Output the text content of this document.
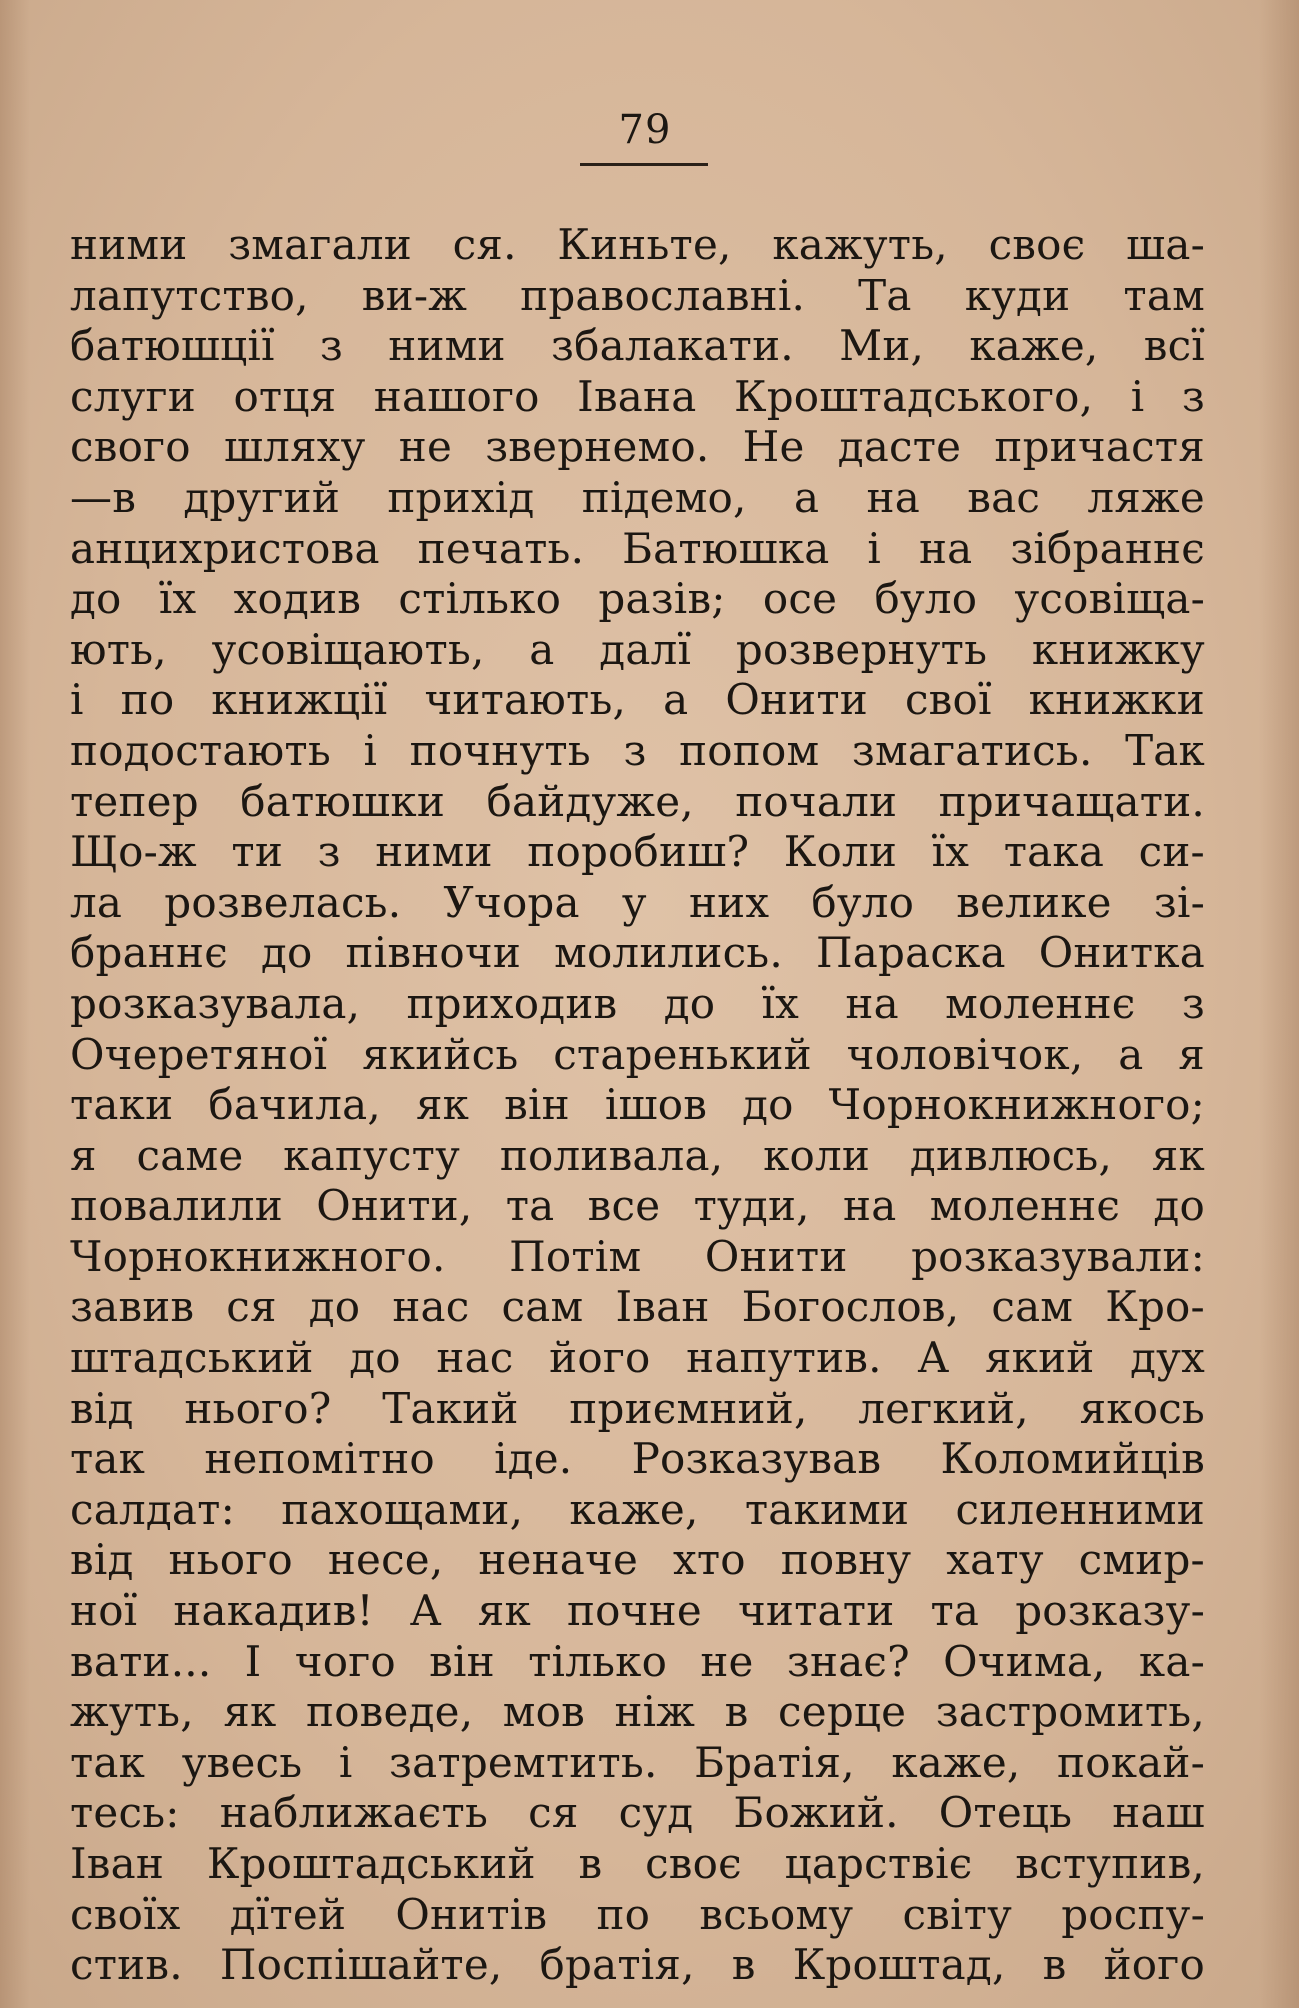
79
ними змагали ся. Киньте, кажуть, своє ша-
лапутство, ви-ж православні. Та куди там
батюшції з ними збалакати. Ми, каже, всї
слуги отця нашого Івана Кроштадського, і з
свого шляху не звернемо. Не дасте причастя
—в другий прихід підемо, а на вас ляже
анцихристова печать. Батюшка і на зібраннє
до їх ходив стілько разів; осе було усовіща-
ють, усовіщають, а далї розвернуть книжку
і по книжції читають, а Онити свої книжки
подостають і почнуть з попом змагатись. Так
тепер батюшки байдуже, почали причащати.
Що-ж ти з ними поробиш? Коли їх така си-
ла розвелась. Учора у них було велике зі-
браннє до півночи молились. Параска Онитка
розказувала, приходив до їх на моленнє з
Очеретяної якийсь старенький чоловічок, а я
таки бачила, як він ішов до Чорнокнижного;
я саме капусту поливала, коли дивлюсь, як
повалили Онити, та все туди, на моленнє до
Чорнокнижного. Потім Онити розказували:
завив ся до нас сам Іван Богослов, сам Кро-
штадський до нас його напутив. А який дух
від нього? Такий приємний, легкий, якось
так непомітно іде. Розказував Коломийців
салдат: пахощами, каже, такими силенними
від нього несе, неначе хто повну хату смир-
ної накадив! А як почне читати та розказу-
вати... І чого він тілько не знає? Очима, ка-
жуть, як поведе, мов ніж в серце застромить,
так увесь і затремтить. Братія, каже, покай-
тесь: наближаєть ся суд Божий. Отець наш
Іван Кроштадський в своє царствіє вступив,
своїх дїтей Онитів по всьому світу роспу-
стив. Поспішайте, братія, в Кроштад, в його
